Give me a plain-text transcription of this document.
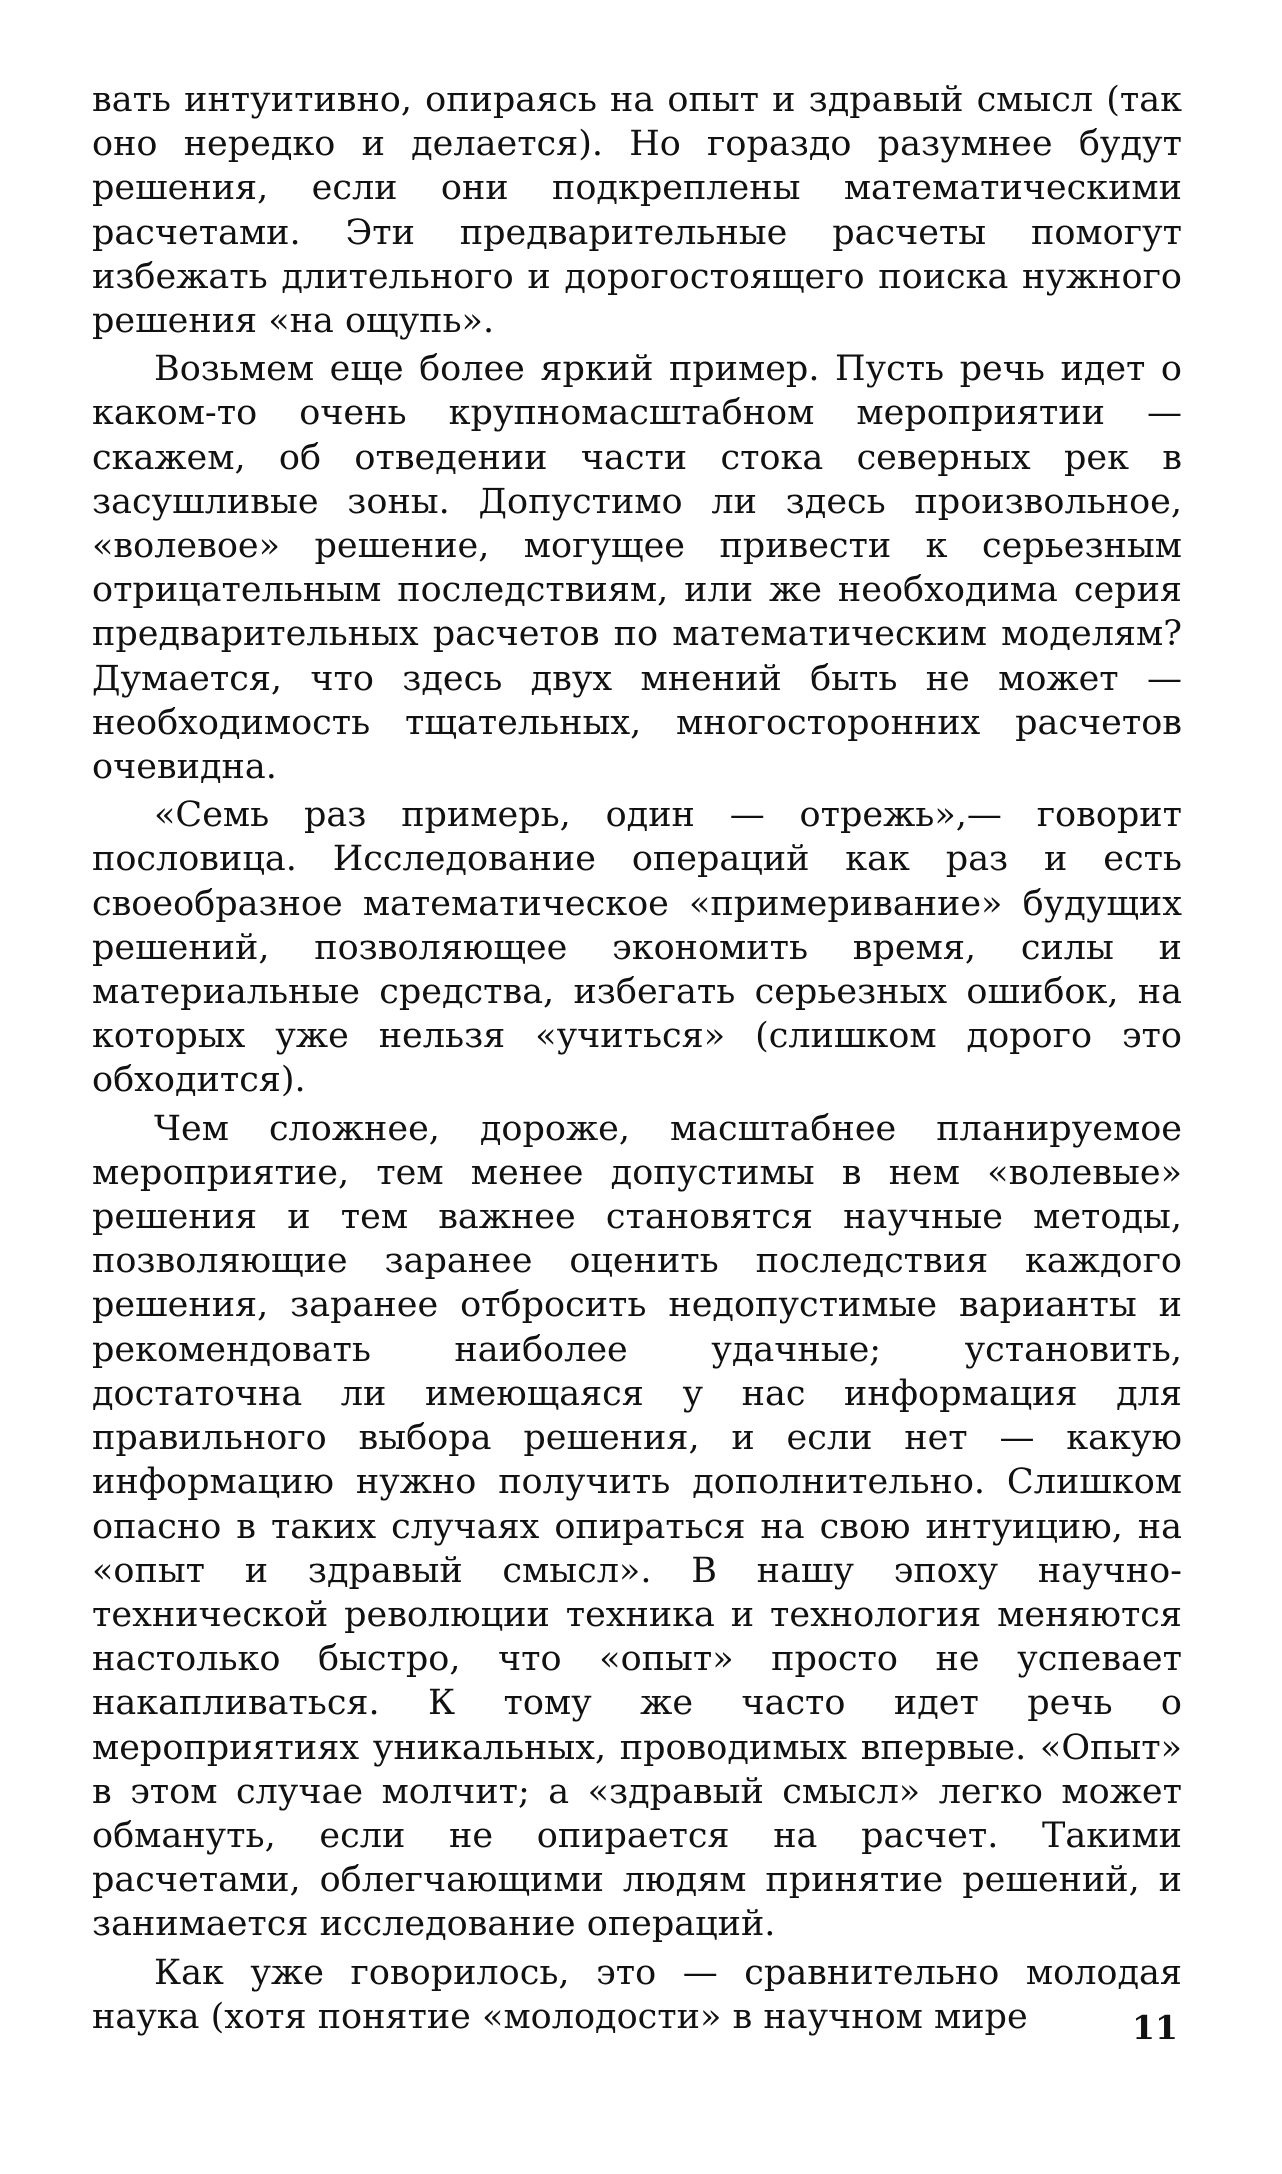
вать интуитивно, опираясь на опыт и здравый смысл (так оно нередко и делается). Но гораздо разумнее будут решения, если они подкреплены математическими расчетами. Эти предварительные расчеты помогут избежать длительного и дорогостоящего поиска нужного решения «на ощупь».

Возьмем еще более яркий пример. Пусть речь идет о каком-то очень крупномасштабном мероприятии — скажем, об отведении части стока северных рек в засушливые зоны. Допустимо ли здесь произвольное, «волевое» решение, могущее привести к серьезным отрицательным последствиям, или же необходима серия предварительных расчетов по математическим моделям? Думается, что здесь двух мнений быть не может — необходимость тщательных, многосторонних расчетов очевидна.

«Семь раз примерь, один — отрежь»,— говорит пословица. Исследование операций как раз и есть своеобразное математическое «примеривание» будущих решений, позволяющее экономить время, силы и материальные средства, избегать серьезных ошибок, на которых уже нельзя «учиться» (слишком дорого это обходится).

Чем сложнее, дороже, масштабнее планируемое мероприятие, тем менее допустимы в нем «волевые» решения и тем важнее становятся научные методы, позволяющие заранее оценить последствия каждого решения, заранее отбросить недопустимые варианты и рекомендовать наиболее удачные; установить, достаточна ли имеющаяся у нас информация для правильного выбора решения, и если нет — какую информацию нужно получить дополнительно. Слишком опасно в таких случаях опираться на свою интуицию, на «опыт и здравый смысл». В нашу эпоху научно-технической революции техника и технология меняются настолько быстро, что «опыт» просто не успевает накапливаться. К тому же часто идет речь о мероприятиях уникальных, проводимых впервые. «Опыт» в этом случае молчит; а «здравый смысл» легко может обмануть, если не опирается на расчет. Такими расчетами, облегчающими людям принятие решений, и занимается исследование операций.

Как уже говорилось, это — сравнительно молодая наука (хотя понятие «молодости» в научном мире	11
